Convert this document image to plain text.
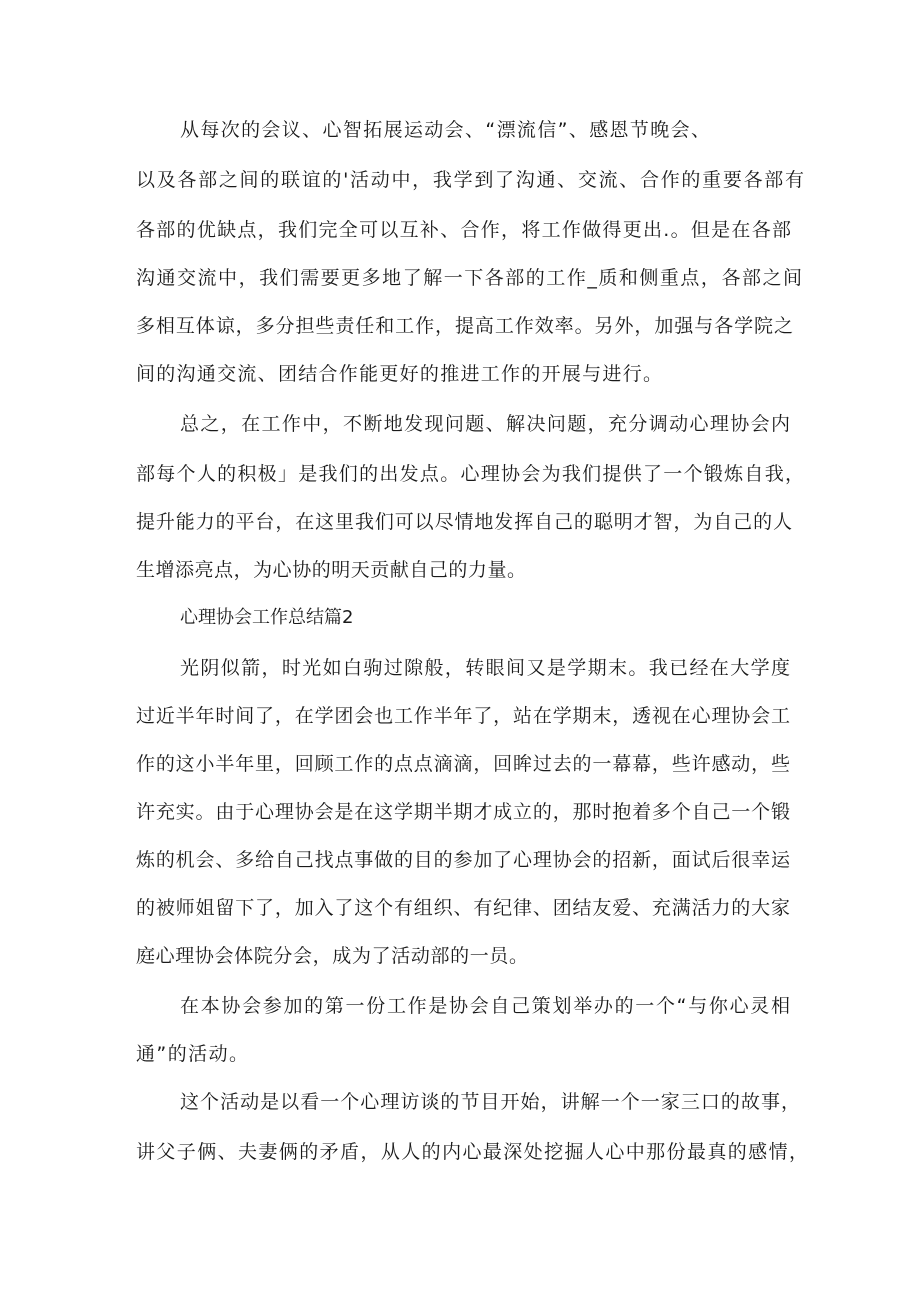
从每次的会议、心智拓展运动会、“漂流信”、感恩节晚会、
以及各部之间的联谊的'活动中，我学到了沟通、交流、合作的重要各部有
各部的优缺点，我们完全可以互补、合作，将工作做得更出.。但是在各部
沟通交流中，我们需要更多地了解一下各部的工作_质和侧重点，各部之间
多相互体谅，多分担些责任和工作，提高工作效率。另外，加强与各学院之
间的沟通交流、团结合作能更好的推进工作的开展与进行。
总之，在工作中，不断地发现问题、解决问题，充分调动心理协会内
部每个人的积极」是我们的出发点。心理协会为我们提供了一个锻炼自我，
提升能力的平台，在这里我们可以尽情地发挥自己的聪明才智，为自己的人
生增添亮点，为心协的明天贡献自己的力量。
心理协会工作总结篇2
光阴似箭，时光如白驹过隙般，转眼间又是学期末。我已经在大学度
过近半年时间了，在学团会也工作半年了，站在学期末，透视在心理协会工
作的这小半年里，回顾工作的点点滴滴，回眸过去的一幕幕，些许感动，些
许充实。由于心理协会是在这学期半期才成立的，那时抱着多个自己一个锻
炼的机会、多给自己找点事做的目的参加了心理协会的招新，面试后很幸运
的被师姐留下了，加入了这个有组织、有纪律、团结友爱、充满活力的大家
庭心理协会体院分会，成为了活动部的一员。
在本协会参加的第一份工作是协会自己策划举办的一个“与你心灵相
通”的活动。
这个活动是以看一个心理访谈的节目开始，讲解一个一家三口的故事，
讲父子俩、夫妻俩的矛盾，从人的内心最深处挖掘人心中那份最真的感情，
